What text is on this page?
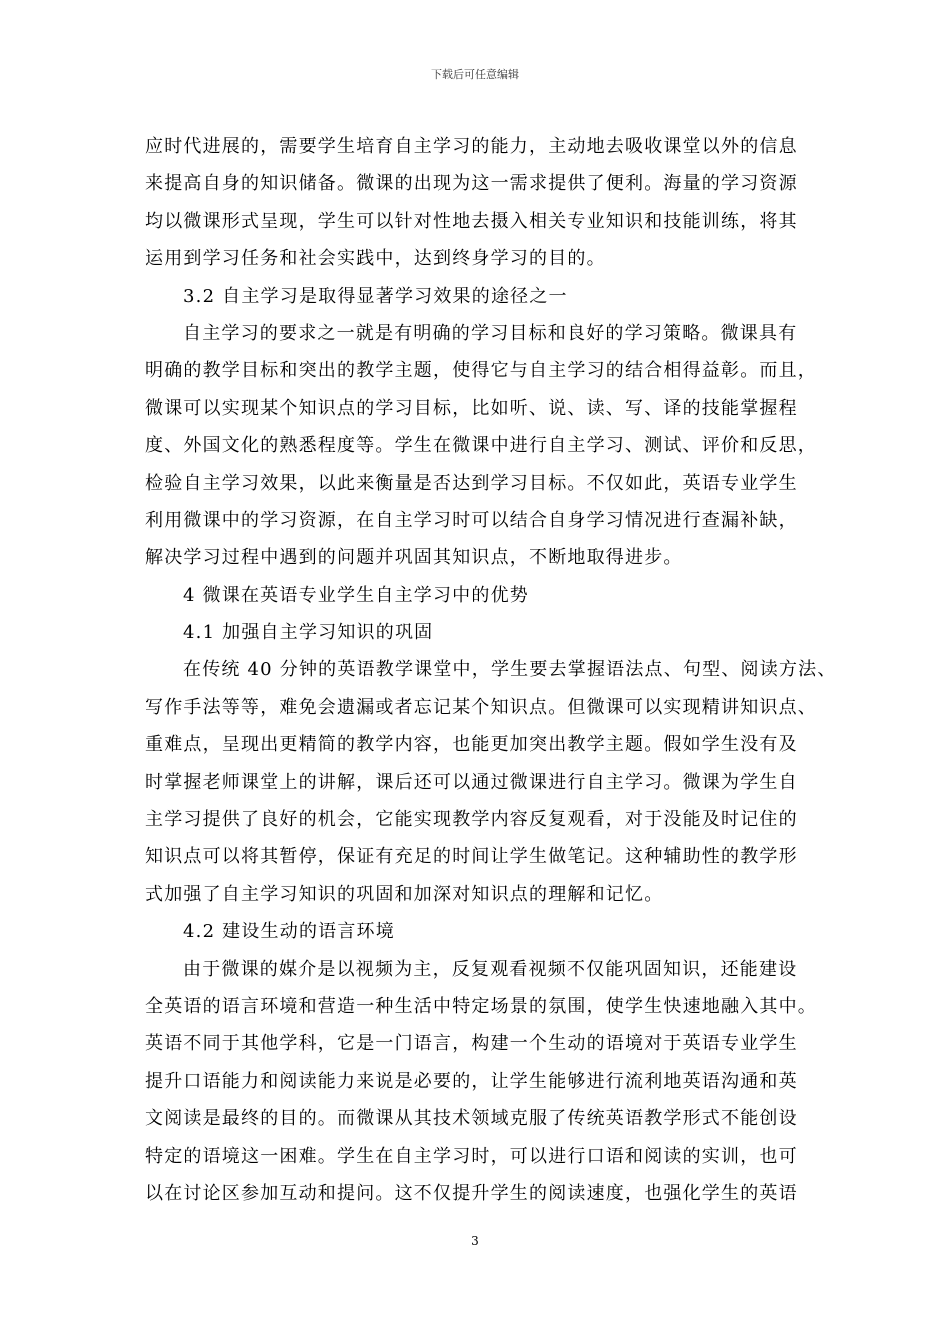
下载后可任意编辑
应时代进展的，需要学生培育自主学习的能力，主动地去吸收课堂以外的信息
来提高自身的知识储备。微课的出现为这一需求提供了便利。海量的学习资源
均以微课形式呈现，学生可以针对性地去摄入相关专业知识和技能训练，将其
运用到学习任务和社会实践中，达到终身学习的目的。
3.2 自主学习是取得显著学习效果的途径之一
自主学习的要求之一就是有明确的学习目标和良好的学习策略。微课具有
明确的教学目标和突出的教学主题，使得它与自主学习的结合相得益彰。而且，
微课可以实现某个知识点的学习目标，比如听、说、读、写、译的技能掌握程
度、外国文化的熟悉程度等。学生在微课中进行自主学习、测试、评价和反思，
检验自主学习效果，以此来衡量是否达到学习目标。不仅如此，英语专业学生
利用微课中的学习资源，在自主学习时可以结合自身学习情况进行查漏补缺，
解决学习过程中遇到的问题并巩固其知识点，不断地取得进步。
4 微课在英语专业学生自主学习中的优势
4.1 加强自主学习知识的巩固
在传统 40 分钟的英语教学课堂中，学生要去掌握语法点、句型、阅读方法、
写作手法等等，难免会遗漏或者忘记某个知识点。但微课可以实现精讲知识点、
重难点，呈现出更精简的教学内容，也能更加突出教学主题。假如学生没有及
时掌握老师课堂上的讲解，课后还可以通过微课进行自主学习。微课为学生自
主学习提供了良好的机会，它能实现教学内容反复观看，对于没能及时记住的
知识点可以将其暂停，保证有充足的时间让学生做笔记。这种辅助性的教学形
式加强了自主学习知识的巩固和加深对知识点的理解和记忆。
4.2 建设生动的语言环境
由于微课的媒介是以视频为主，反复观看视频不仅能巩固知识，还能建设
全英语的语言环境和营造一种生活中特定场景的氛围，使学生快速地融入其中。
英语不同于其他学科，它是一门语言，构建一个生动的语境对于英语专业学生
提升口语能力和阅读能力来说是必要的，让学生能够进行流利地英语沟通和英
文阅读是最终的目的。而微课从其技术领域克服了传统英语教学形式不能创设
特定的语境这一困难。学生在自主学习时，可以进行口语和阅读的实训，也可
以在讨论区参加互动和提问。这不仅提升学生的阅读速度，也强化学生的英语
3
